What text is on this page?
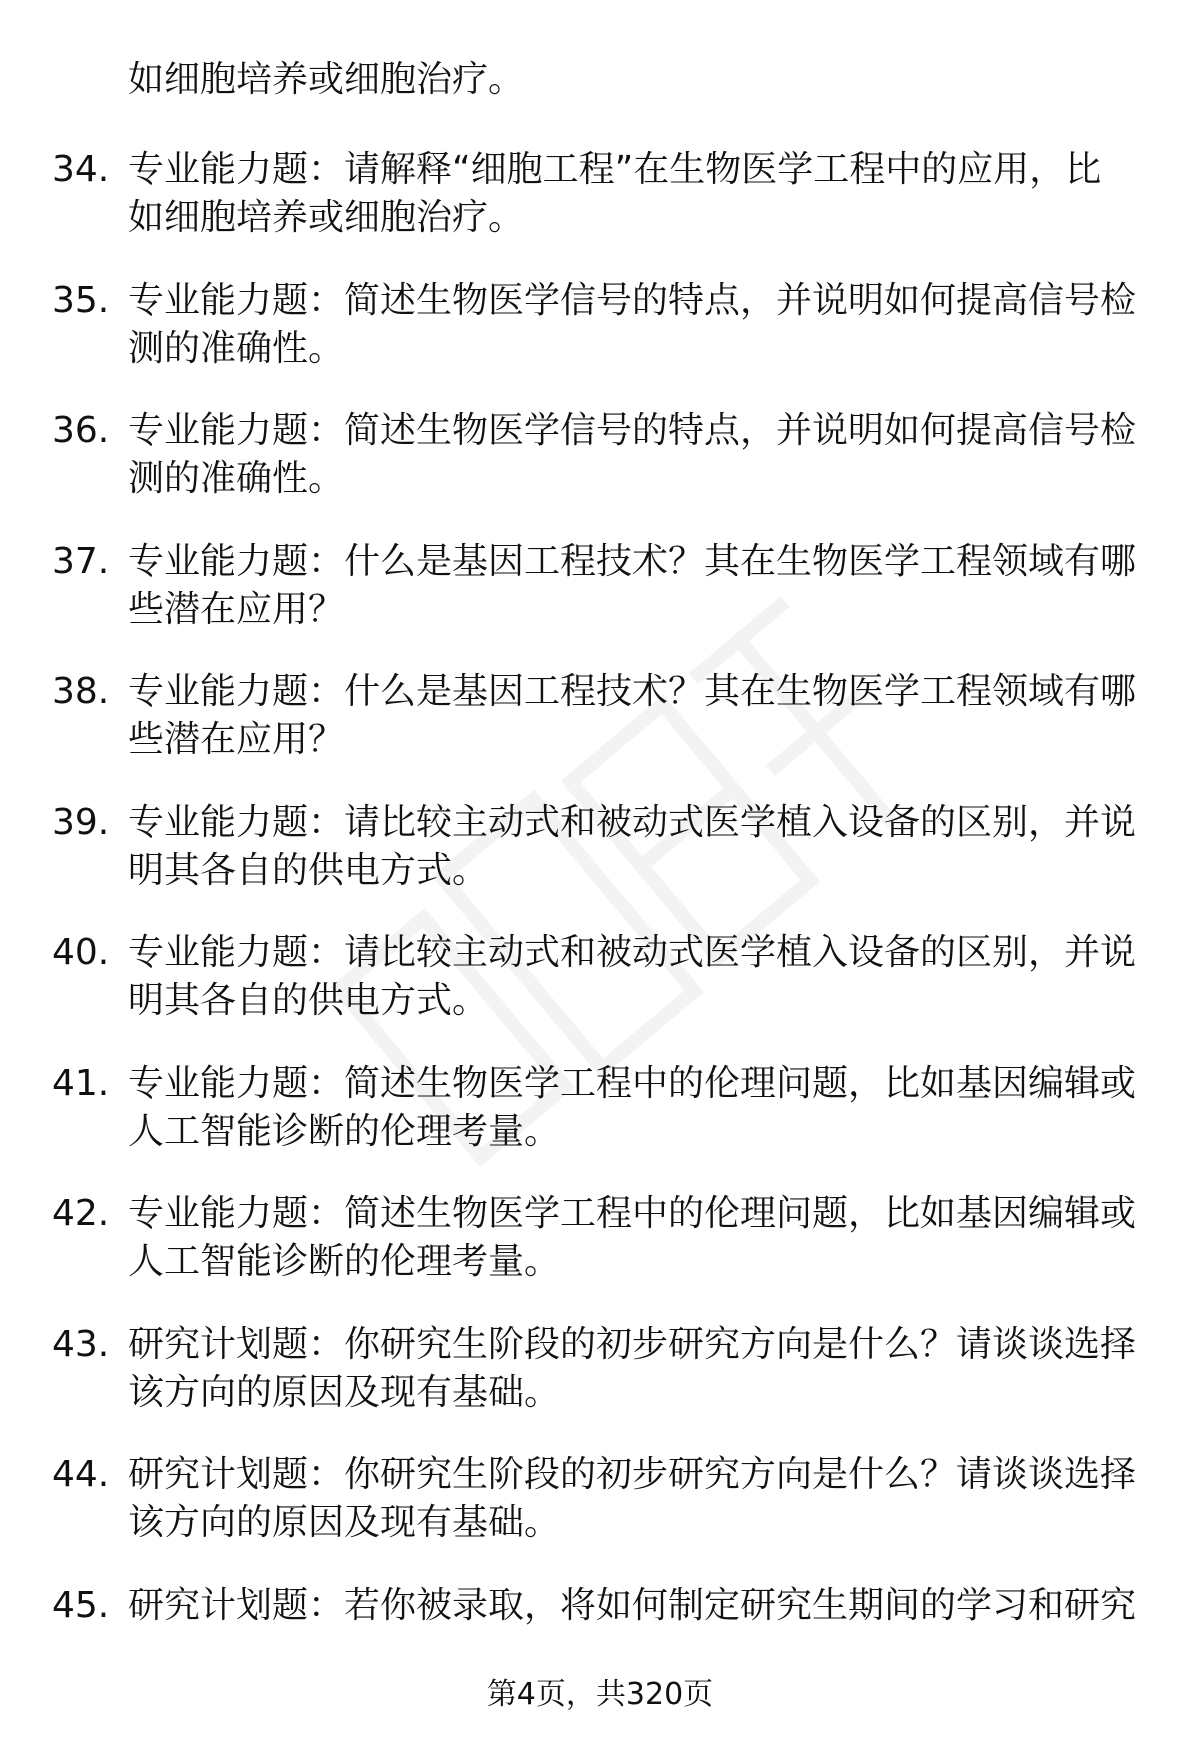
如细胞培养或细胞治疗。

34. 专业能力题：请解释“细胞工程”在生物医学工程中的应用，比
如细胞培养或细胞治疗。
35. 专业能力题：简述生物医学信号的特点，并说明如何提高信号检
测的准确性。
36. 专业能力题：简述生物医学信号的特点，并说明如何提高信号检
测的准确性。
37. 专业能力题：什么是基因工程技术？其在生物医学工程领域有哪
些潜在应用？
38. 专业能力题：什么是基因工程技术？其在生物医学工程领域有哪
些潜在应用？
39. 专业能力题：请比较主动式和被动式医学植入设备的区别，并说
明其各自的供电方式。
40. 专业能力题：请比较主动式和被动式医学植入设备的区别，并说
明其各自的供电方式。
41. 专业能力题：简述生物医学工程中的伦理问题，比如基因编辑或
人工智能诊断的伦理考量。
42. 专业能力题：简述生物医学工程中的伦理问题，比如基因编辑或
人工智能诊断的伦理考量。
43. 研究计划题：你研究生阶段的初步研究方向是什么？请谈谈选择
该方向的原因及现有基础。
44. 研究计划题：你研究生阶段的初步研究方向是什么？请谈谈选择
该方向的原因及现有基础。
45. 研究计划题：若你被录取，将如何制定研究生期间的学习和研究
第4页，共320页
